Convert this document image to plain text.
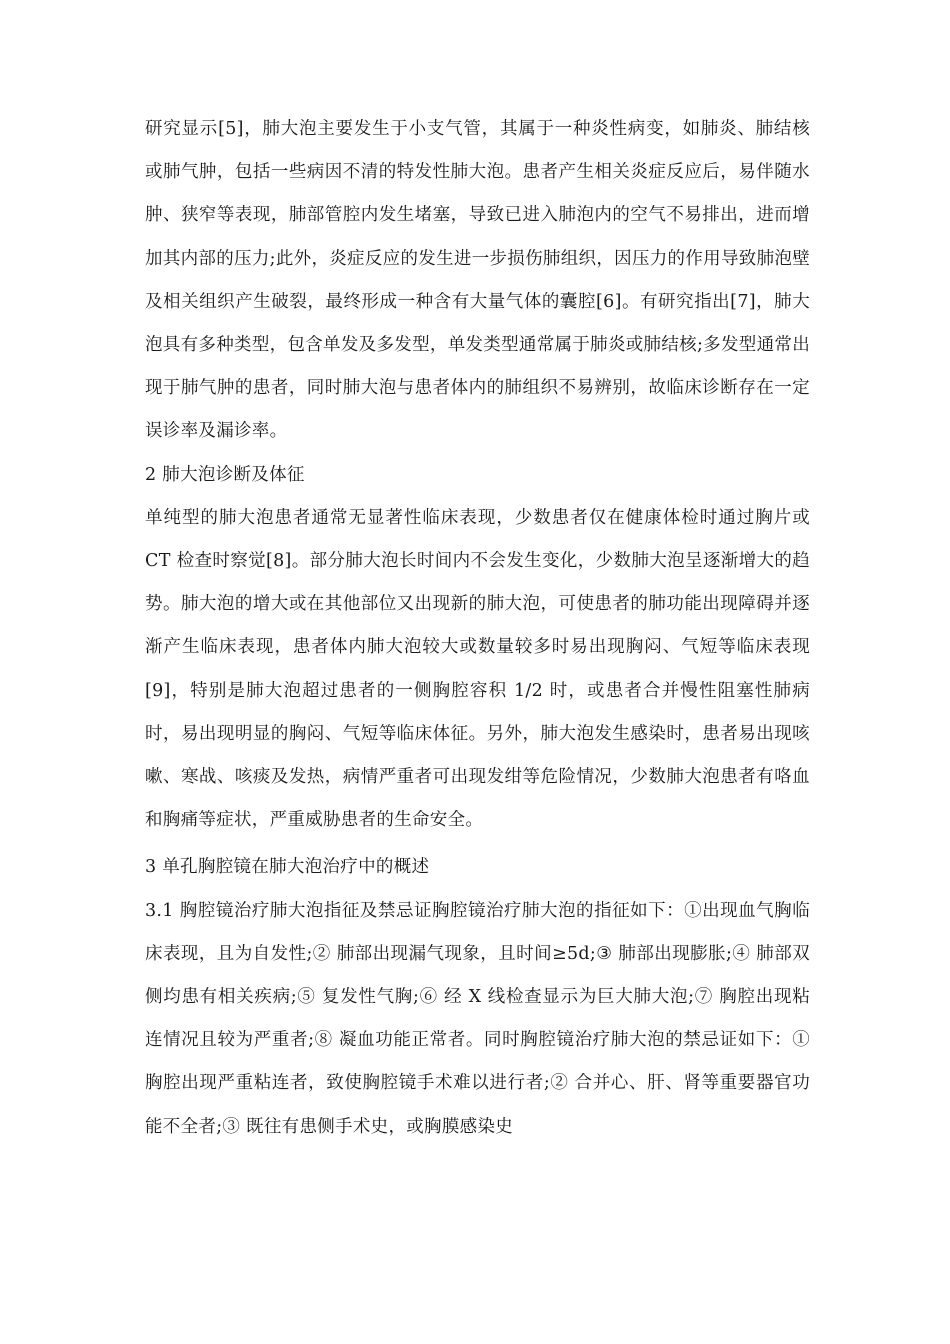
研究显示[5]，肺大泡主要发生于小支气管，其属于一种炎性病变，如肺炎、肺结核或肺气肿，包括一些病因不清的特发性肺大泡。患者产生相关炎症反应后，易伴随水肿、狭窄等表现，肺部管腔内发生堵塞，导致已进入肺泡内的空气不易排出，进而增加其内部的压力;此外，炎症反应的发生进一步损伤肺组织，因压力的作用导致肺泡壁及相关组织产生破裂，最终形成一种含有大量气体的囊腔[6]。有研究指出[7]，肺大泡具有多种类型，包含单发及多发型，单发类型通常属于肺炎或肺结核;多发型通常出现于肺气肿的患者，同时肺大泡与患者体内的肺组织不易辨别，故临床诊断存在一定误诊率及漏诊率。

2 肺大泡诊断及体征

单纯型的肺大泡患者通常无显著性临床表现，少数患者仅在健康体检时通过胸片或 CT 检查时察觉[8]。部分肺大泡长时间内不会发生变化，少数肺大泡呈逐渐增大的趋势。肺大泡的增大或在其他部位又出现新的肺大泡，可使患者的肺功能出现障碍并逐渐产生临床表现，患者体内肺大泡较大或数量较多时易出现胸闷、气短等临床表现[9]，特别是肺大泡超过患者的一侧胸腔容积 1/2 时，或患者合并慢性阻塞性肺病时，易出现明显的胸闷、气短等临床体征。另外，肺大泡发生感染时，患者易出现咳嗽、寒战、咳痰及发热，病情严重者可出现发绀等危险情况，少数肺大泡患者有咯血和胸痛等症状，严重威胁患者的生命安全。

3 单孔胸腔镜在肺大泡治疗中的概述

3.1 胸腔镜治疗肺大泡指征及禁忌证胸腔镜治疗肺大泡的指征如下：①出现血气胸临床表现，且为自发性;② 肺部出现漏气现象，且时间≥5d;③ 肺部出现膨胀;④ 肺部双侧均患有相关疾病;⑤ 复发性气胸;⑥ 经 X 线检查显示为巨大肺大泡;⑦ 胸腔出现粘连情况且较为严重者;⑧ 凝血功能正常者。同时胸腔镜治疗肺大泡的禁忌证如下：①胸腔出现严重粘连者，致使胸腔镜手术难以进行者;② 合并心、肝、肾等重要器官功能不全者;③ 既往有患侧手术史，或胸膜感染史
